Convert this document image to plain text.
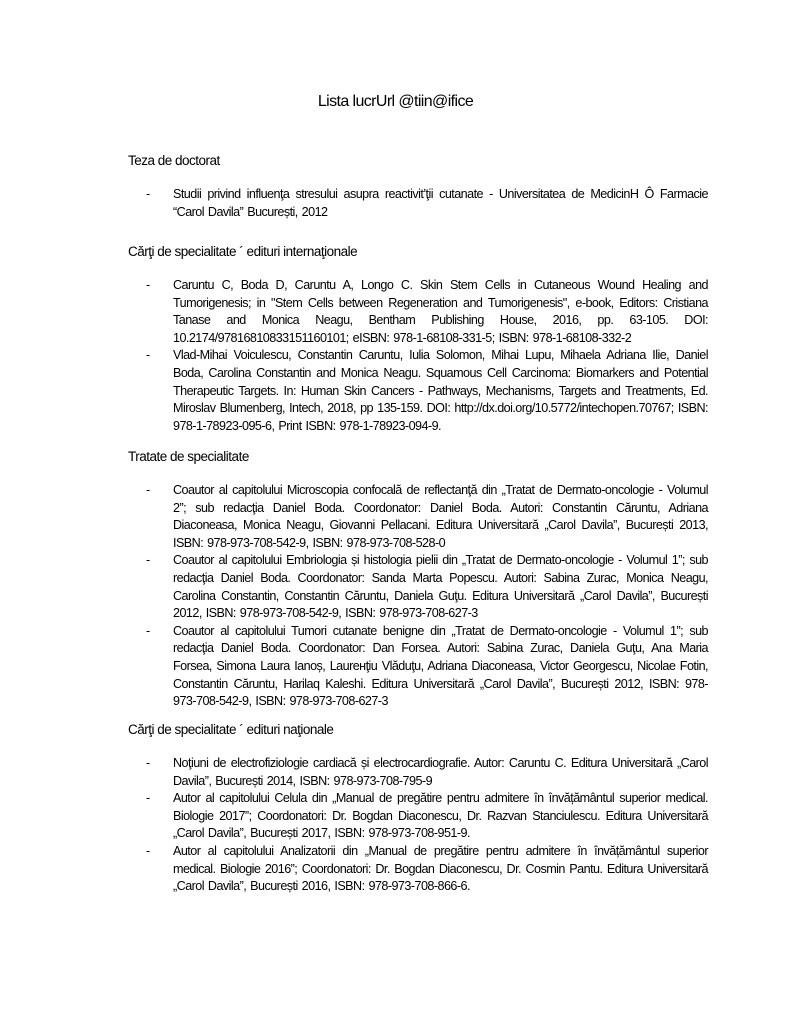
Lista lucrUrl @tiin@ifice
Teza de doctorat
- Studii privind influenţa stresului asupra reactivit’ţii cutanate - Universitatea de MedicinH Ô Farmacie “Carol Davila” București, 2012
Cărţi de specialitate ´ edituri internaţionale
- Caruntu C, Boda D, Caruntu A, Longo C. Skin Stem Cells in Cutaneous Wound Healing and Tumorigenesis; in "Stem Cells between Regeneration and Tumorigenesis", e-book, Editors: Cristiana Tanase and Monica Neagu, Bentham Publishing House, 2016, pp. 63-105. DOI: 10.2174/97816810833151160101; eISBN: 978-1-68108-331-5; ISBN: 978-1-68108-332-2
- Vlad-Mihai Voiculescu, Constantin Caruntu, Iulia Solomon, Mihai Lupu, Mihaela Adriana Ilie, Daniel Boda, Carolina Constantin and Monica Neagu. Squamous Cell Carcinoma: Biomarkers and Potential Therapeutic Targets. In: Human Skin Cancers - Pathways, Mechanisms, Targets and Treatments, Ed. Miroslav Blumenberg, Intech, 2018, pp 135-159. DOI: http://dx.doi.org/10.5772/intechopen.70767; ISBN: 978-1-78923-095-6, Print ISBN: 978-1-78923-094-9.
Tratate de specialitate
- Coautor al capitolului Microscopia confocală de reflectanţă din „Tratat de Dermato-oncologie - Volumul 2”; sub redacţia Daniel Boda. Coordonator: Daniel Boda. Autori: Constantin Căruntu, Adriana Diaconeasa, Monica Neagu, Giovanni Pellacani. Editura Universitară „Carol Davila”, București 2013, ISBN: 978-973-708-542-9, ISBN: 978-973-708-528-0
- Coautor al capitolului Embriologia și histologia pielii din „Tratat de Dermato-oncologie - Volumul 1”; sub redacţia Daniel Boda. Coordonator: Sanda Marta Popescu. Autori: Sabina Zurac, Monica Neagu, Carolina Constantin, Constantin Căruntu, Daniela Guţu. Editura Universitară „Carol Davila”, București 2012, ISBN: 978-973-708-542-9, ISBN: 978-973-708-627-3
- Coautor al capitolului Tumori cutanate benigne din „Tratat de Dermato-oncologie - Volumul 1”; sub redacţia Daniel Boda. Coordonator: Dan Forsea. Autori: Sabina Zurac, Daniela Guţu, Ana Maria Forsea, Simona Laura Ianoș, Laurенţiu Vlăduţu, Adriana Diaconeasa, Victor Georgescu, Nicolae Fotin, Constantin Căruntu, Harilaq Kaleshi. Editura Universitară „Carol Davila”, București 2012, ISBN: 978-973-708-542-9, ISBN: 978-973-708-627-3
Cărţi de specialitate ´ edituri naţionale
- Noţiuni de electrofiziologie cardiacă și electrocardiografie. Autor: Caruntu C. Editura Universitară „Carol Davila”, București 2014, ISBN: 978-973-708-795-9
- Autor al capitolului Celula din „Manual de pregătire pentru admitere în învățământul superior medical. Biologie 2017”; Coordonatori: Dr. Bogdan Diaconescu, Dr. Razvan Stanciulescu. Editura Universitară „Carol Davila”, București 2017, ISBN: 978-973-708-951-9.
- Autor al capitolului Analizatorii din „Manual de pregătire pentru admitere în învățământul superior medical. Biologie 2016”; Coordonatori: Dr. Bogdan Diaconescu, Dr. Cosmin Pantu. Editura Universitară „Carol Davila”, București 2016, ISBN: 978-973-708-866-6.
